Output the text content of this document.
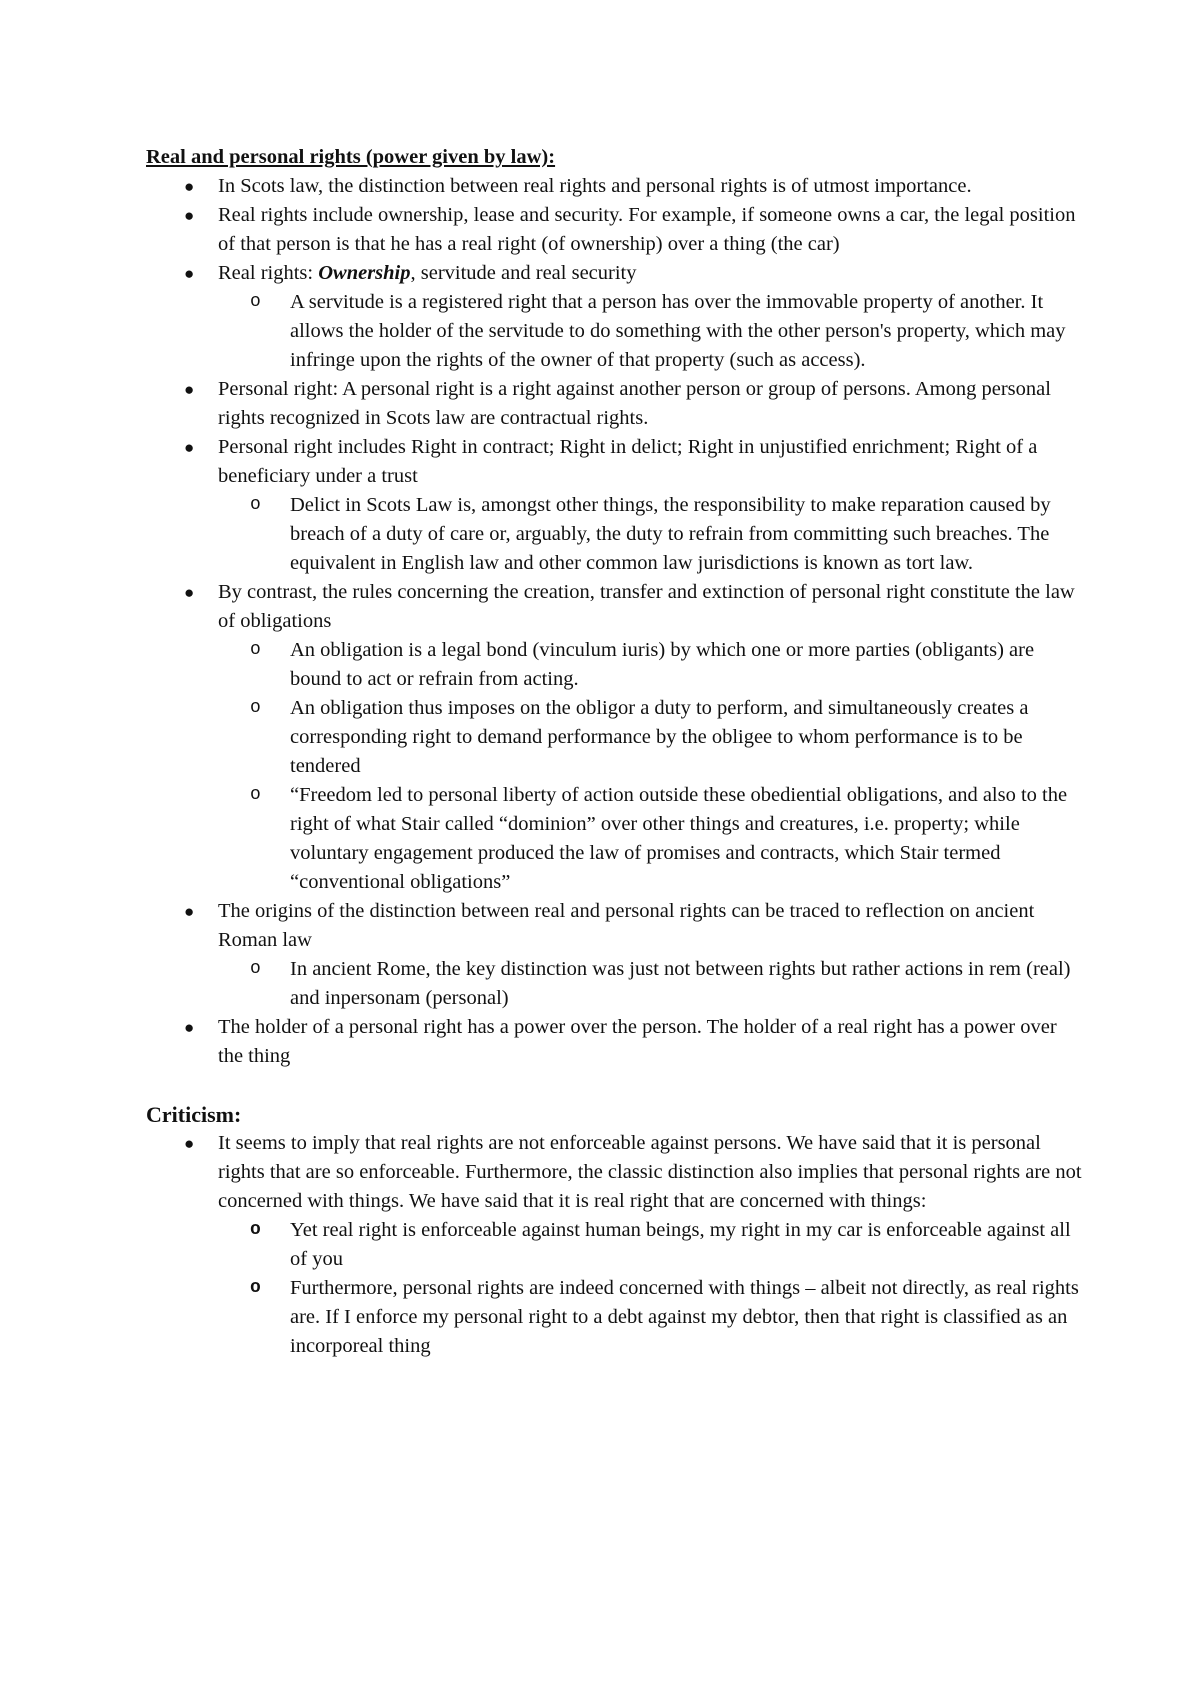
Real and personal rights (power given by law):
● In Scots law, the distinction between real rights and personal rights is of utmost importance.
● Real rights include ownership, lease and security. For example, if someone owns a car, the legal position of that person is that he has a real right (of ownership) over a thing (the car)
● Real rights: Ownership, servitude and real security
o A servitude is a registered right that a person has over the immovable property of another. It allows the holder of the servitude to do something with the other person's property, which may infringe upon the rights of the owner of that property (such as access).
● Personal right: A personal right is a right against another person or group of persons. Among personal rights recognized in Scots law are contractual rights.
● Personal right includes Right in contract; Right in delict; Right in unjustified enrichment; Right of a beneficiary under a trust
o Delict in Scots Law is, amongst other things, the responsibility to make reparation caused by breach of a duty of care or, arguably, the duty to refrain from committing such breaches. The equivalent in English law and other common law jurisdictions is known as tort law.
● By contrast, the rules concerning the creation, transfer and extinction of personal right constitute the law of obligations
o An obligation is a legal bond (vinculum iuris) by which one or more parties (obligants) are bound to act or refrain from acting.
o An obligation thus imposes on the obligor a duty to perform, and simultaneously creates a corresponding right to demand performance by the obligee to whom performance is to be tendered
o “Freedom led to personal liberty of action outside these obediential obligations, and also to the right of what Stair called “dominion” over other things and creatures, i.e. property; while voluntary engagement produced the law of promises and contracts, which Stair termed “conventional obligations”
● The origins of the distinction between real and personal rights can be traced to reflection on ancient Roman law
o In ancient Rome, the key distinction was just not between rights but rather actions in rem (real) and inpersonam (personal)
● The holder of a personal right has a power over the person. The holder of a real right has a power over the thing
Criticism:
● It seems to imply that real rights are not enforceable against persons. We have said that it is personal rights that are so enforceable. Furthermore, the classic distinction also implies that personal rights are not concerned with things. We have said that it is real right that are concerned with things:
o Yet real right is enforceable against human beings, my right in my car is enforceable against all of you
o Furthermore, personal rights are indeed concerned with things – albeit not directly, as real rights are. If I enforce my personal right to a debt against my debtor, then that right is classified as an incorporeal thing
